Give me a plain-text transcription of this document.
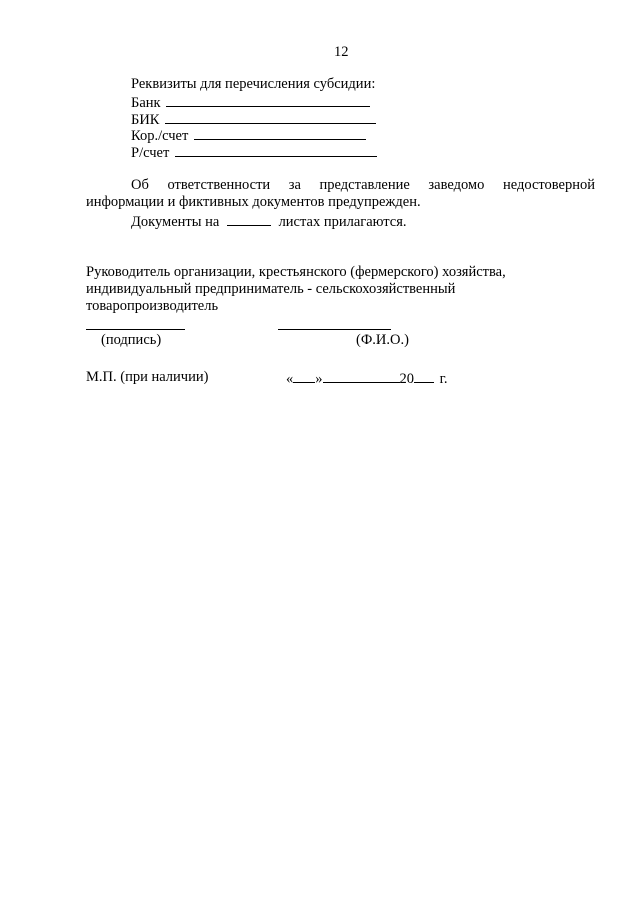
12
Реквизиты для перечисления субсидии:
Банк
БИК
Кор./счет
Р/счет
Об ответственности за представление заведомо недостоверной
информации и фиктивных документов предупрежден.
Документы на	листах прилагаются.
Руководитель организации, крестьянского (фермерского) хозяйства,
индивидуальный предприниматель - сельскохозяйственный
товаропроизводитель
(подпись)	(Ф.И.О.)
М.П. (при наличии)	« »	20 г.
